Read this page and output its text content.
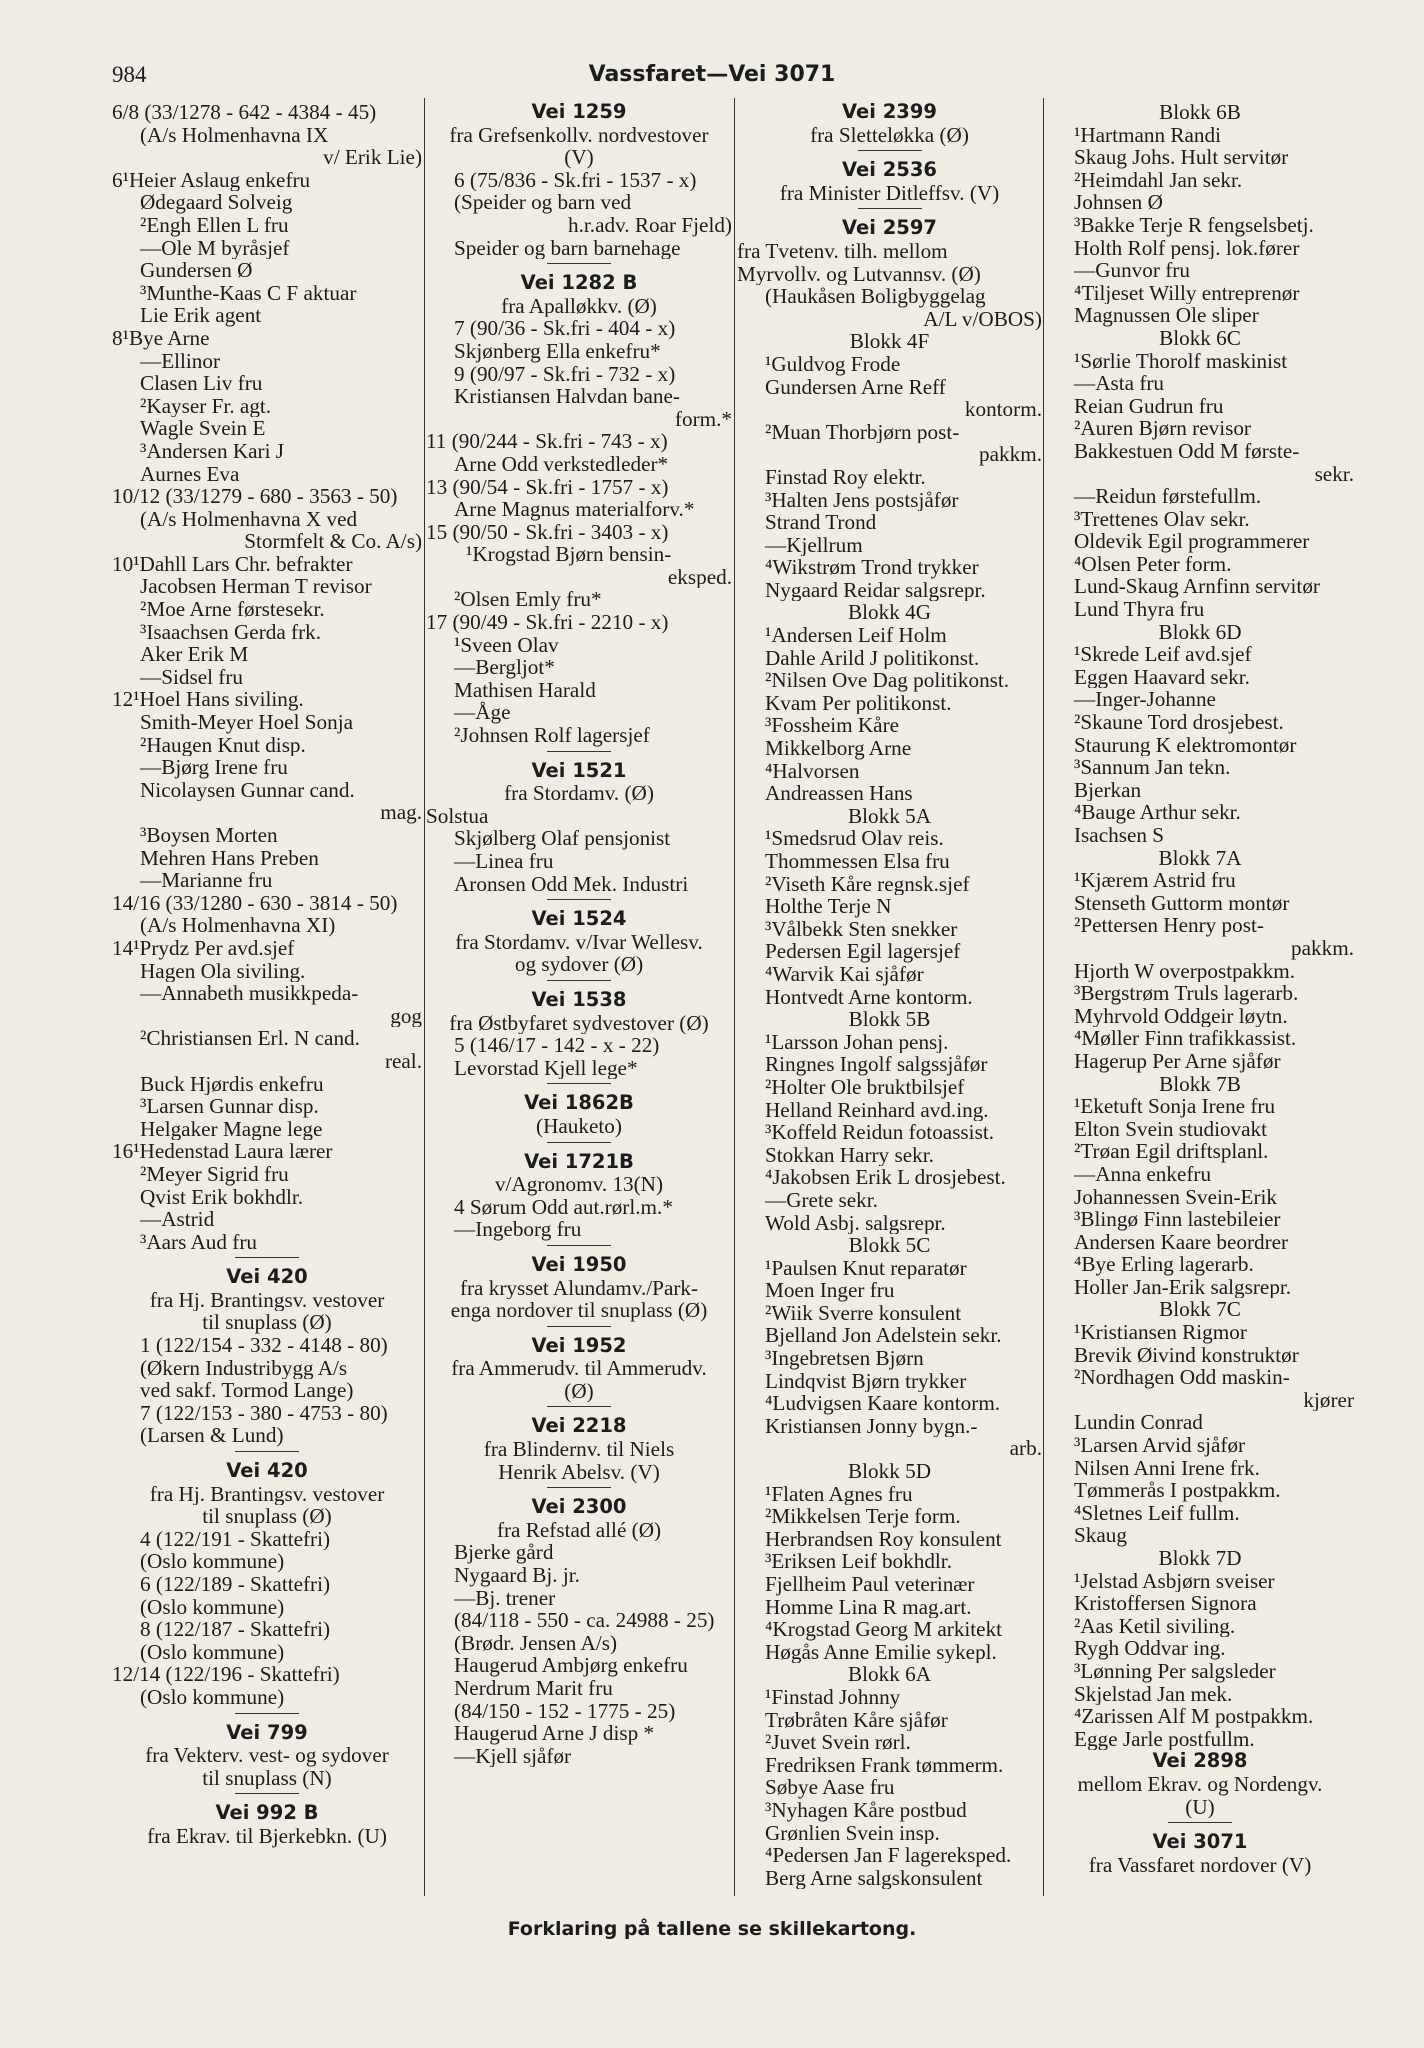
984	Vassfaret—Vei 3071
6/8 (33/1278 - 642 - 4384 - 45)
(A/s Holmenhavna IX
v/ Erik Lie)
6¹Heier Aslaug enkefru
Ødegaard Solveig
²Engh Ellen L fru
—Ole M byråsjef
Gundersen Ø
³Munthe-Kaas C F aktuar
Lie Erik agent
8¹Bye Arne
—Ellinor
Clasen Liv fru
²Kayser Fr. agt.
Wagle Svein E
³Andersen Kari J
Aurnes Eva
10/12 (33/1279 - 680 - 3563 - 50)
(A/s Holmenhavna X ved
Stormfelt & Co. A/s)
10¹Dahll Lars Chr. befrakter
Jacobsen Herman T revisor
²Moe Arne førstesekr.
³Isaachsen Gerda frk.
Aker Erik M
—Sidsel fru
12¹Hoel Hans siviling.
Smith-Meyer Hoel Sonja
²Haugen Knut disp.
—Bjørg Irene fru
Nicolaysen Gunnar cand.
mag.
³Boysen Morten
Mehren Hans Preben
—Marianne fru
14/16 (33/1280 - 630 - 3814 - 50)
(A/s Holmenhavna XI)
14¹Prydz Per avd.sjef
Hagen Ola siviling.
—Annabeth musikkpeda-
gog
²Christiansen Erl. N cand.
real.
Buck Hjørdis enkefru
³Larsen Gunnar disp.
Helgaker Magne lege
16¹Hedenstad Laura lærer
²Meyer Sigrid fru
Qvist Erik bokhdlr.
—Astrid
³Aars Aud fru
Vei 420
fra Hj. Brantingsv. vestover
til snuplass (Ø)
1 (122/154 - 332 - 4148 - 80)
(Økern Industribygg A/s
ved sakf. Tormod Lange)
7 (122/153 - 380 - 4753 - 80)
(Larsen & Lund)
Vei 420
fra Hj. Brantingsv. vestover
til snuplass (Ø)
4 (122/191 - Skattefri)
(Oslo kommune)
6 (122/189 - Skattefri)
(Oslo kommune)
8 (122/187 - Skattefri)
(Oslo kommune)
12/14 (122/196 - Skattefri)
(Oslo kommune)
Vei 799
fra Vekterv. vest- og sydover
til snuplass (N)
Vei 992 B
fra Ekrav. til Bjerkebkn. (U)
Vei 1259
fra Grefsenkollv. nordvestover
(V)
6 (75/836 - Sk.fri - 1537 - x)
(Speider og barn ved
h.r.adv. Roar Fjeld)
Speider og barn barnehage
Vei 1282 B
fra Apalløkkv. (Ø)
7 (90/36 - Sk.fri - 404 - x)
Skjønberg Ella enkefru*
9 (90/97 - Sk.fri - 732 - x)
Kristiansen Halvdan bane-
form.*
11 (90/244 - Sk.fri - 743 - x)
Arne Odd verkstedleder*
13 (90/54 - Sk.fri - 1757 - x)
Arne Magnus materialforv.*
15 (90/50 - Sk.fri - 3403 - x)
¹Krogstad Bjørn bensin-
eksped.
²Olsen Emly fru*
17 (90/49 - Sk.fri - 2210 - x)
¹Sveen Olav
—Bergljot*
Mathisen Harald
—Åge
²Johnsen Rolf lagersjef
Vei 1521
fra Stordamv. (Ø)
Solstua
Skjølberg Olaf pensjonist
—Linea fru
Aronsen Odd Mek. Industri
Vei 1524
fra Stordamv. v/Ivar Wellesv.
og sydover (Ø)
Vei 1538
fra Østbyfaret sydvestover (Ø)
5 (146/17 - 142 - x - 22)
Levorstad Kjell lege*
Vei 1862B
(Hauketo)
Vei 1721B
v/Agronomv. 13(N)
4 Sørum Odd aut.rørl.m.*
—Ingeborg fru
Vei 1950
fra krysset Alundamv./Park-
enga nordover til snuplass (Ø)
Vei 1952
fra Ammerudv. til Ammerudv.
(Ø)
Vei 2218
fra Blindernv. til Niels
Henrik Abelsv. (V)
Vei 2300
fra Refstad allé (Ø)
Bjerke gård
Nygaard Bj. jr.
—Bj. trener
(84/118 - 550 - ca. 24988 - 25)
(Brødr. Jensen A/s)
Haugerud Ambjørg enkefru
Nerdrum Marit fru
(84/150 - 152 - 1775 - 25)
Haugerud Arne J disp *
—Kjell sjåfør
Vei 2399
fra Sletteløkka (Ø)
Vei 2536
fra Minister Ditleffsv. (V)
Vei 2597
fra Tvetenv. tilh. mellom
Myrvollv. og Lutvannsv. (Ø)
(Haukåsen Boligbyggelag
A/L v/OBOS)
Blokk 4F
¹Guldvog Frode
Gundersen Arne Reff
kontorm.
²Muan Thorbjørn post-
pakkm.
Finstad Roy elektr.
³Halten Jens postsjåfør
Strand Trond
—Kjellrum
⁴Wikstrøm Trond trykker
Nygaard Reidar salgsrepr.
Blokk 4G
¹Andersen Leif Holm
Dahle Arild J politikonst.
²Nilsen Ove Dag politikonst.
Kvam Per politikonst.
³Fossheim Kåre
Mikkelborg Arne
⁴Halvorsen
Andreassen Hans
Blokk 5A
¹Smedsrud Olav reis.
Thommessen Elsa fru
²Viseth Kåre regnsk.sjef
Holthe Terje N
³Vålbekk Sten snekker
Pedersen Egil lagersjef
⁴Warvik Kai sjåfør
Hontvedt Arne kontorm.
Blokk 5B
¹Larsson Johan pensj.
Ringnes Ingolf salgssjåfør
²Holter Ole bruktbilsjef
Helland Reinhard avd.ing.
³Koffeld Reidun fotoassist.
Stokkan Harry sekr.
⁴Jakobsen Erik L drosjebest.
—Grete sekr.
Wold Asbj. salgsrepr.
Blokk 5C
¹Paulsen Knut reparatør
Moen Inger fru
²Wiik Sverre konsulent
Bjelland Jon Adelstein sekr.
³Ingebretsen Bjørn
Lindqvist Bjørn trykker
⁴Ludvigsen Kaare kontorm.
Kristiansen Jonny bygn.-
arb.
Blokk 5D
¹Flaten Agnes fru
²Mikkelsen Terje form.
Herbrandsen Roy konsulent
³Eriksen Leif bokhdlr.
Fjellheim Paul veterinær
Homme Lina R mag.art.
⁴Krogstad Georg M arkitekt
Høgås Anne Emilie sykepl.
Blokk 6A
¹Finstad Johnny
Trøbråten Kåre sjåfør
²Juvet Svein rørl.
Fredriksen Frank tømmerm.
Søbye Aase fru
³Nyhagen Kåre postbud
Grønlien Svein insp.
⁴Pedersen Jan F lagereksped.
Berg Arne salgskonsulent
Blokk 6B
¹Hartmann Randi
Skaug Johs. Hult servitør
²Heimdahl Jan sekr.
Johnsen Ø
³Bakke Terje R fengselsbetj.
Holth Rolf pensj. lok.fører
—Gunvor fru
⁴Tiljeset Willy entreprenør
Magnussen Ole sliper
Blokk 6C
¹Sørlie Thorolf maskinist
—Asta fru
Reian Gudrun fru
²Auren Bjørn revisor
Bakkestuen Odd M første-
sekr.
—Reidun førstefullm.
³Trettenes Olav sekr.
Oldevik Egil programmerer
⁴Olsen Peter form.
Lund-Skaug Arnfinn servitør
Lund Thyra fru
Blokk 6D
¹Skrede Leif avd.sjef
Eggen Haavard sekr.
—Inger-Johanne
²Skaune Tord drosjebest.
Staurung K elektromontør
³Sannum Jan tekn.
Bjerkan
⁴Bauge Arthur sekr.
Isachsen S
Blokk 7A
¹Kjærem Astrid fru
Stenseth Guttorm montør
²Pettersen Henry post-
pakkm.
Hjorth W overpostpakkm.
³Bergstrøm Truls lagerarb.
Myhrvold Oddgeir løytn.
⁴Møller Finn trafikkassist.
Hagerup Per Arne sjåfør
Blokk 7B
¹Eketuft Sonja Irene fru
Elton Svein studiovakt
²Trøan Egil driftsplanl.
—Anna enkefru
Johannessen Svein-Erik
³Blingø Finn lastebileier
Andersen Kaare beordrer
⁴Bye Erling lagerarb.
Holler Jan-Erik salgsrepr.
Blokk 7C
¹Kristiansen Rigmor
Brevik Øivind konstruktør
²Nordhagen Odd maskin-
kjører
Lundin Conrad
³Larsen Arvid sjåfør
Nilsen Anni Irene frk.
Tømmerås I postpakkm.
⁴Sletnes Leif fullm.
Skaug
Blokk 7D
¹Jelstad Asbjørn sveiser
Kristoffersen Signora
²Aas Ketil siviling.
Rygh Oddvar ing.
³Lønning Per salgsleder
Skjelstad Jan mek.
⁴Zarissen Alf M postpakkm.
Egge Jarle postfullm.
Vei 2898
mellom Ekrav. og Nordengv.
(U)
Vei 3071
fra Vassfaret nordover (V)
Forklaring på tallene se skillekartong.
